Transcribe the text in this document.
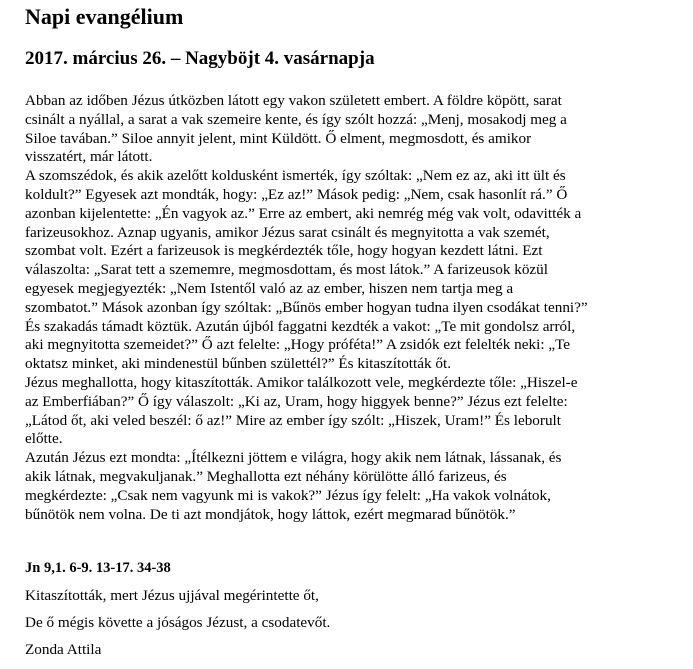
Napi evangélium
2017. március 26. – Nagyböjt 4. vasárnapja
Abban az időben Jézus útközben látott egy vakon született embert. A földre köpött, sarat
csinált a nyállal, a sarat a vak szemeire kente, és így szólt hozzá: „Menj, mosakodj meg a
Siloe tavában.” Siloe annyit jelent, mint Küldött. Ő elment, megmosdott, és amikor
visszatért, már látott.
A szomszédok, és akik azelőtt koldusként ismerték, így szóltak: „Nem ez az, aki itt ült és
koldult?” Egyesek azt mondták, hogy: „Ez az!” Mások pedig: „Nem, csak hasonlít rá.” Ő
azonban kijelentette: „Én vagyok az.” Erre az embert, aki nemrég még vak volt, odavitték a
farizeusokhoz. Aznap ugyanis, amikor Jézus sarat csinált és megnyitotta a vak szemét,
szombat volt. Ezért a farizeusok is megkérdezték tőle, hogy hogyan kezdett látni. Ezt
válaszolta: „Sarat tett a szememre, megmosdottam, és most látok.” A farizeusok közül
egyesek megjegyezték: „Nem Istentől való az az ember, hiszen nem tartja meg a
szombatot.” Mások azonban így szóltak: „Bűnös ember hogyan tudna ilyen csodákat tenni?”
És szakadás támadt köztük. Azután újból faggatni kezdték a vakot: „Te mit gondolsz arról,
aki megnyitotta szemeidet?” Ő azt felelte: „Hogy próféta!” A zsidók ezt felelték neki: „Te
oktatsz minket, aki mindenestül bűnben születtél?” És kitaszították őt.
Jézus meghallotta, hogy kitaszították. Amikor találkozott vele, megkérdezte tőle: „Hiszel-e
az Emberfiában?” Ő így válaszolt: „Ki az, Uram, hogy higgyek benne?” Jézus ezt felelte:
„Látod őt, aki veled beszél: ő az!” Mire az ember így szólt: „Hiszek, Uram!” És leborult
előtte.
Azután Jézus ezt mondta: „Ítélkezni jöttem e világra, hogy akik nem látnak, lássanak, és
akik látnak, megvakuljanak.” Meghallotta ezt néhány körülötte álló farizeus, és
megkérdezte: „Csak nem vagyunk mi is vakok?” Jézus így felelt: „Ha vakok volnátok,
bűnötök nem volna. De ti azt mondjátok, hogy láttok, ezért megmarad bűnötök.”

Jn 9,1. 6-9. 13-17. 34-38

Kitaszították, mert Jézus ujjával megérintette őt,

De ő mégis követte a jóságos Jézust, a csodatevőt.

Zonda Attila
